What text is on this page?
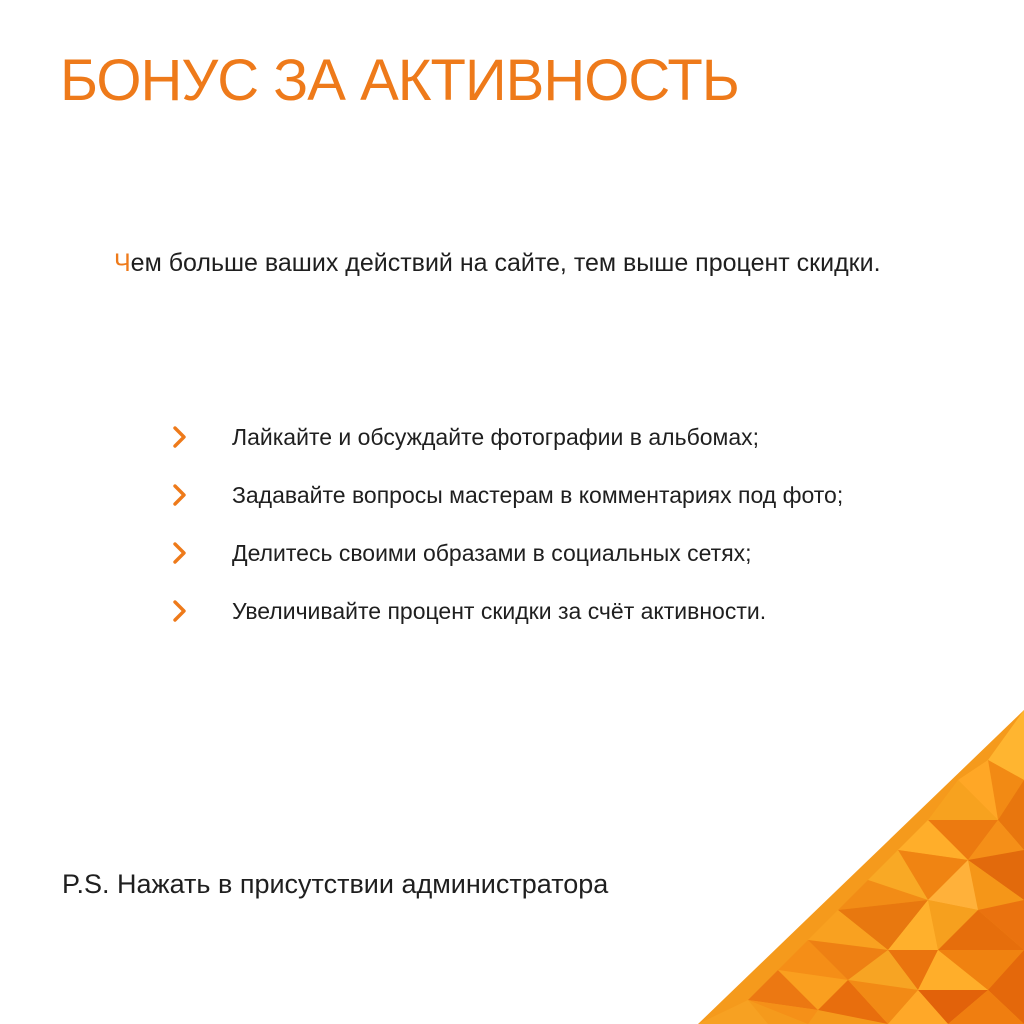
БОНУС ЗА АКТИВНОСТЬ
Чем больше ваших действий на сайте, тем выше процент скидки.
Лайкайте и обсуждайте фотографии в альбомах;
Задавайте вопросы мастерам в комментариях под фото;
Делитесь своими образами в социальных сетях;
Увеличивайте процент скидки за счёт активности.
P.S. Нажать в присутствии администратора
